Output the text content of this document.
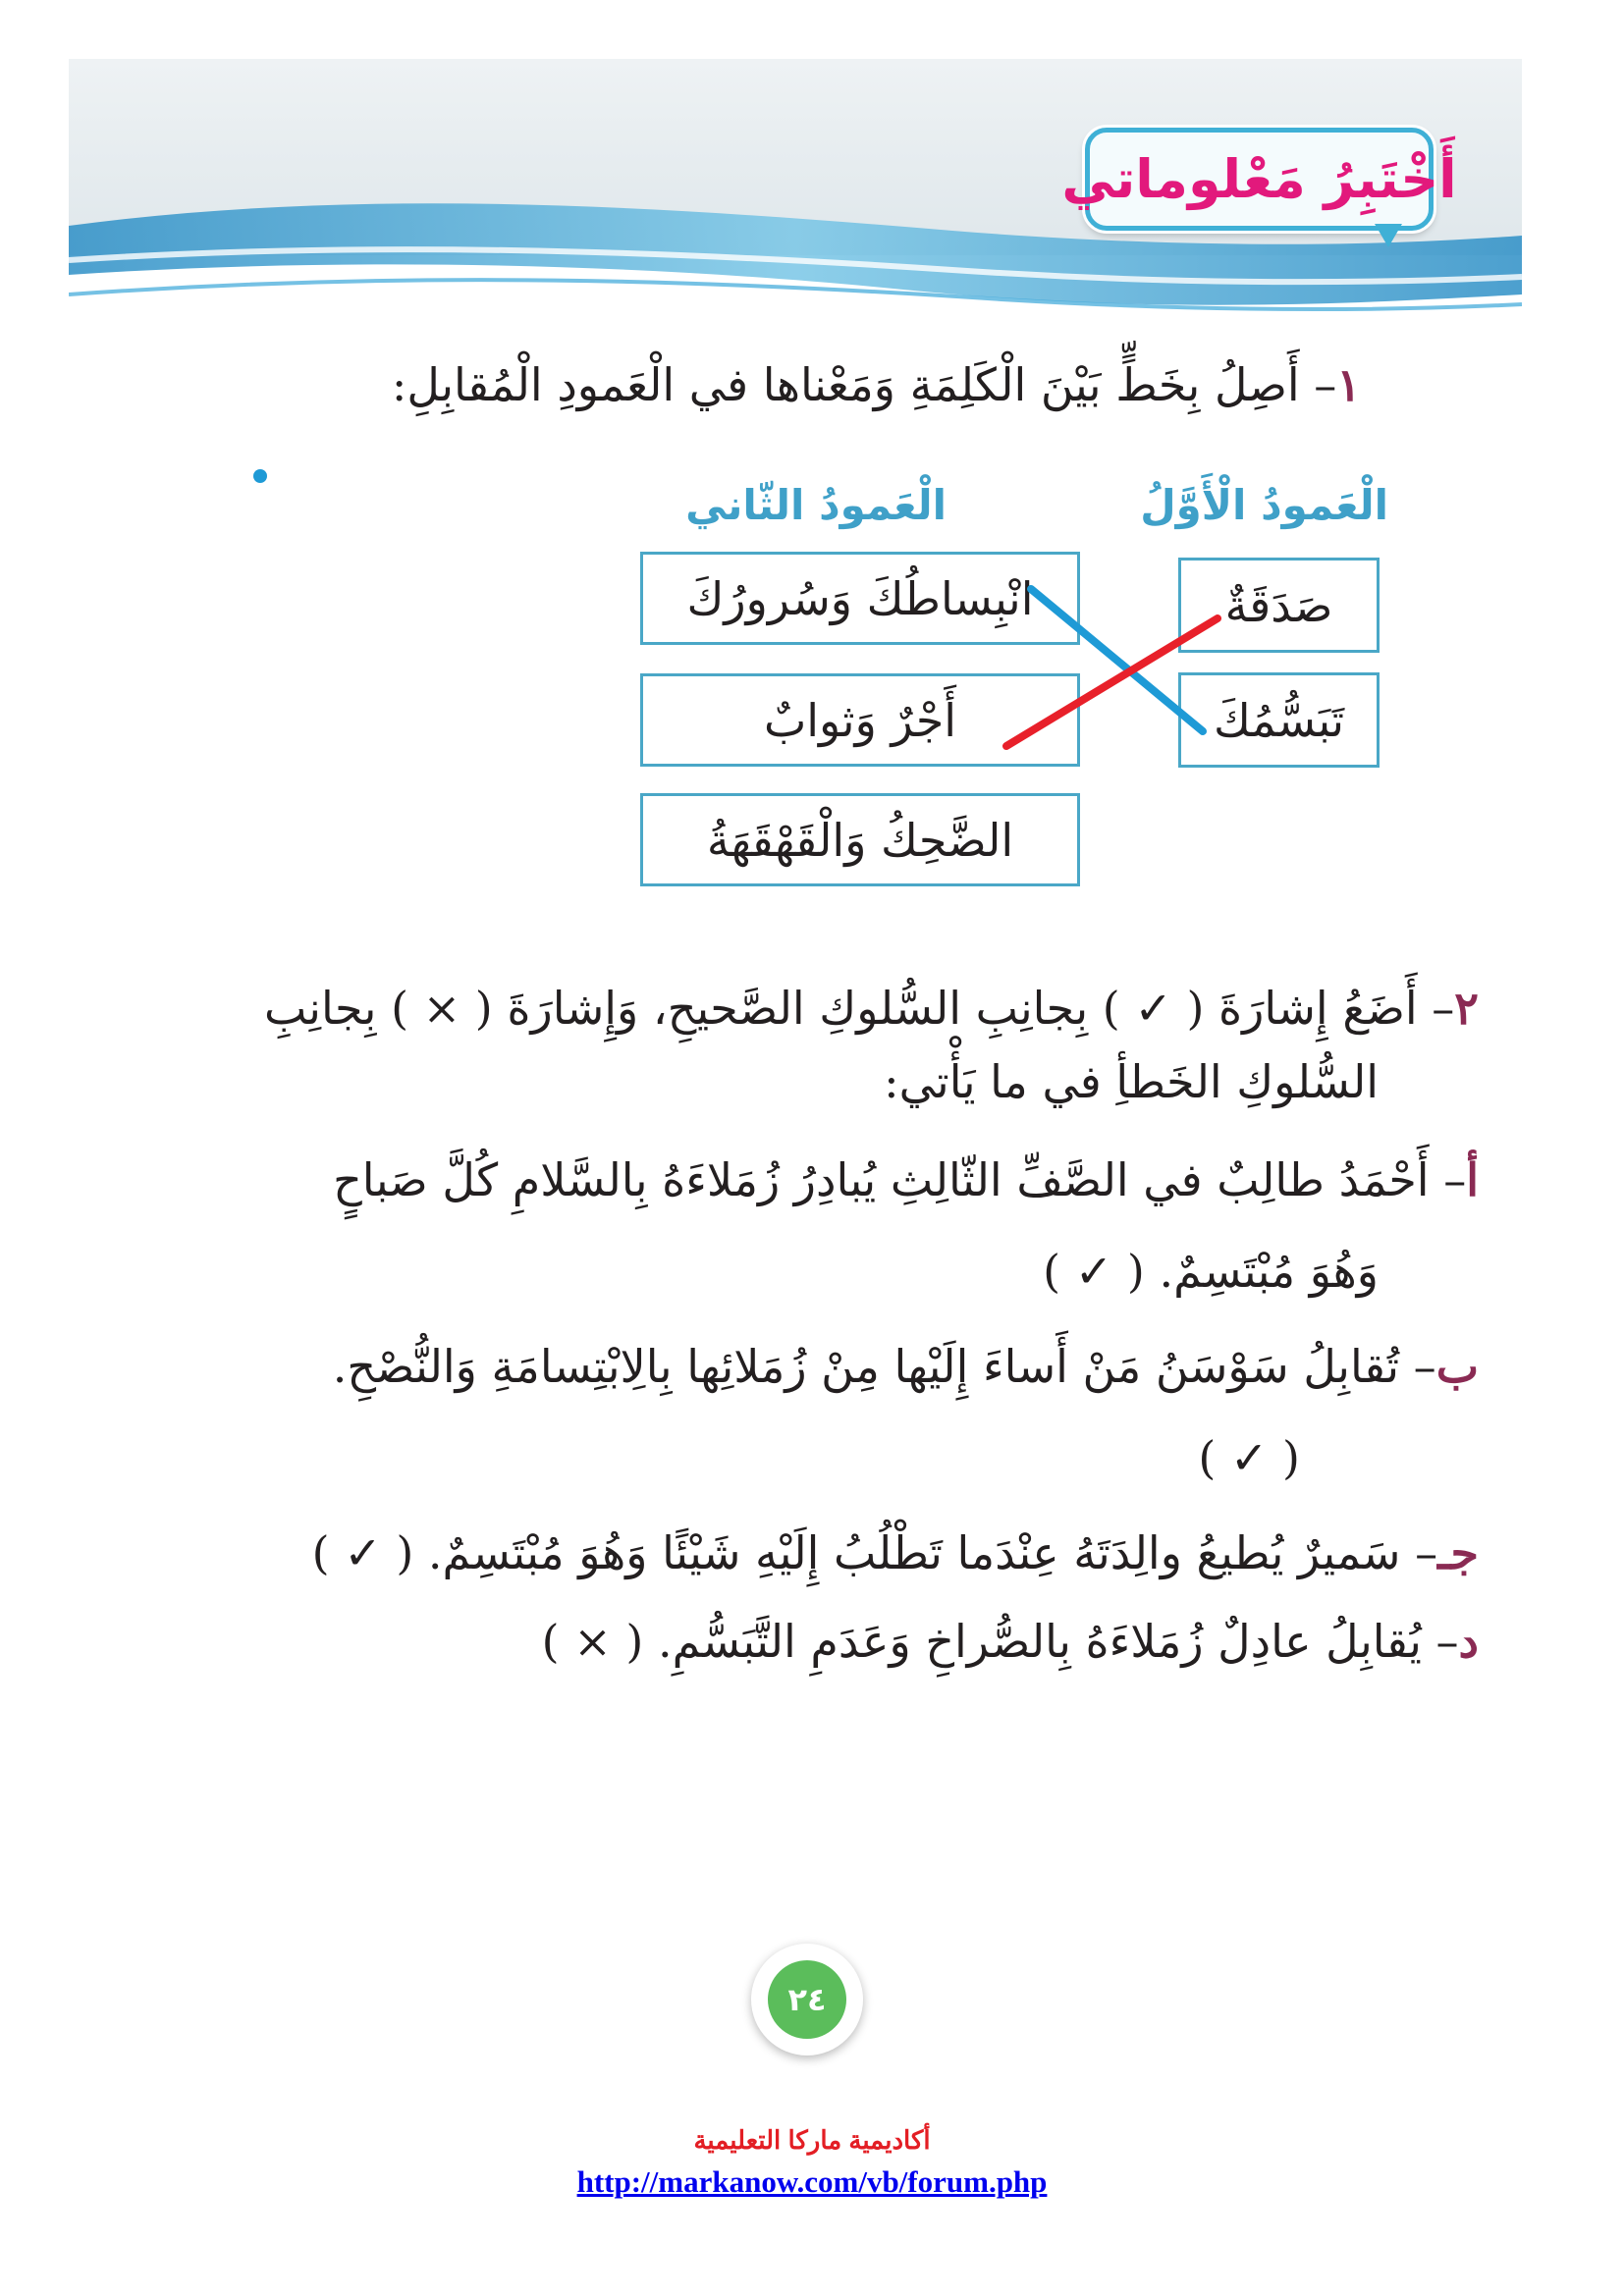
أَخْتَبِرُ مَعْلوماتي
١– أَصِلُ بِخَطٍّ بَيْنَ الْكَلِمَةِ وَمَعْناها في الْعَمودِ الْمُقابِلِ:
الْعَمودُ الْأَوَّلُ
الْعَمودُ الثّاني
صَدَقَةٌ
تَبَسُّمُكَ
انْبِساطُكَ وَسُرورُكَ
أَجْرٌ وَثوابٌ
الضَّحِكُ وَالْقَهْقَهَةُ
٢– أَضَعُ إِشارَةَ ( ✓ ) بِجانِبِ السُّلوكِ الصَّحيحِ، وَإِشارَةَ ( × ) بِجانِبِ
السُّلوكِ الخَطأِ في ما يَأْتي:
أ– أَحْمَدُ طالِبٌ في الصَّفِّ الثّالِثِ يُبادِرُ زُمَلاءَهُ بِالسَّلامِ كُلَّ صَباحٍ
وَهُوَ مُبْتَسِمٌ. ( ✓ )
ب– تُقابِلُ سَوْسَنُ مَنْ أَساءَ إِلَيْها مِنْ زُمَلائِها بِالِابْتِسامَةِ وَالنُّصْحِ.
( ✓ )
جـ– سَميرٌ يُطيعُ والِدَتَهُ عِنْدَما تَطْلُبُ إِلَيْهِ شَيْئًا وَهُوَ مُبْتَسِمٌ. ( ✓ )
د– يُقابِلُ عادِلٌ زُمَلاءَهُ بِالصُّراخِ وَعَدَمِ التَّبَسُّمِ. ( × )
٢٤
أكاديمية ماركا التعليمية
http://markanow.com/vb/forum.php
